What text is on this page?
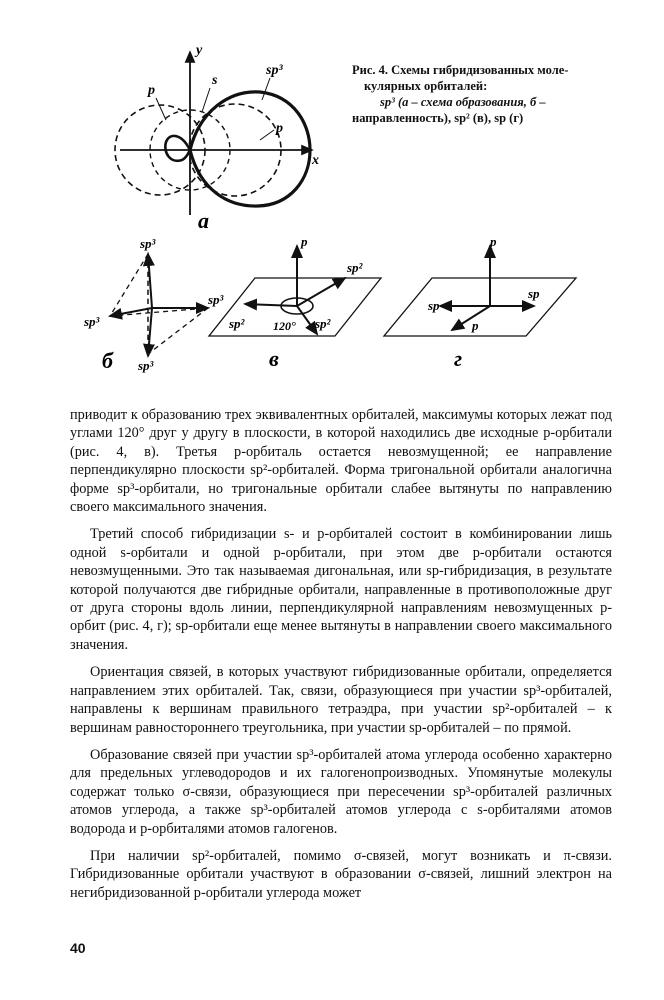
y
x
p
s
sp³
p
а
Рис. 4. Схемы гибридизованных моле-
кулярных орбиталей:
sp³ (а – схема образования, б –
направленность), sp² (в), sp (г)
sp³
sp³
sp³
sp³
б
p
sp²
sp²	sp²
120°
в
p
sp
sp
p
г

приводит к образованию трех эквивалентных орбиталей, максимумы которых лежат под углами 120° друг у другу в плоскости, в которой находились две исходные p-орбитали (рис. 4, в). Третья p-орбиталь остается невозмущенной; ее направление перпендикулярно плоскости sp²-орбиталей. Форма тригональной орбитали аналогична форме sp³-орбитали, но тригональные орбитали слабее вытянуты по направлению своего максимального значения.

Третий способ гибридизации s- и p-орбиталей состоит в комбинировании лишь одной s-орбитали и одной p-орбитали, при этом две p-орбитали остаются невозмущенными. Это так называемая дигональная, или sp-гибридизация, в результате которой получаются две гибридные орбитали, направленные в противоположные друг от друга стороны вдоль линии, перпендикулярной направлениям невозмущенных p-орбит (рис. 4, г); sp-орбитали еще менее вытянуты в направлении своего максимального значения.

Ориентация связей, в которых участвуют гибридизованные орбитали, определяется направлением этих орбиталей. Так, связи, образующиеся при участии sp³-орбиталей, направлены к вершинам правильного тетраэдра, при участии sp²-орбиталей – к вершинам равностороннего треугольника, при участии sp-орбиталей – по прямой.

Образование связей при участии sp³-орбиталей атома углерода особенно характерно для предельных углеводородов и их галогенопроизводных. Упомянутые молекулы содержат только σ-связи, образующиеся при пересечении sp³-орбиталей различных атомов углерода, а также sp³-орбиталей атомов углерода с s-орбиталями атомов водорода и p-орбиталями атомов галогенов.

При наличии sp²-орбиталей, помимо σ-связей, могут возникать и π-связи. Гибридизованные орбитали участвуют в образовании σ-связей, лишний электрон на негибридизованной p-орбитали углерода может

40
